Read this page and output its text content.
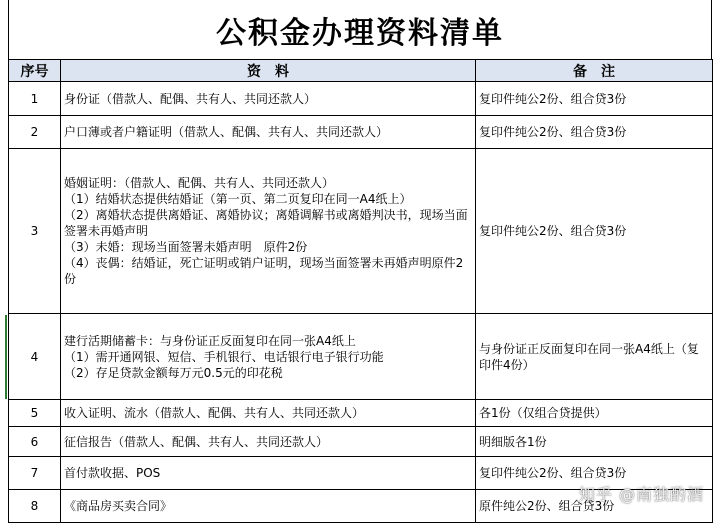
公积金办理资料清单
序号	资　料	备　注
1	身份证（借款人、配偶、共有人、共同还款人）	复印件纯公2份、组合贷3份
2	户口薄或者户籍证明（借款人、配偶、共有人、共同还款人）	复印件纯公2份、组合贷3份
3	婚姻证明：（借款人、配偶、共有人、共同还款人）
（1）结婚状态提供结婚证（第一页、第二页复印在同一A4纸上）
（2）离婚状态提供离婚证、离婚协议；离婚调解书或离婚判决书，现场当面签署未再婚声明
（3）未婚：现场当面签署未婚声明　原件2份
（4）丧偶：结婚证，死亡证明或销户证明，现场当面签署未再婚声明原件2份	复印件纯公2份、组合贷3份
4	建行活期储蓄卡：与身份证正反面复印在同一张A4纸上
（1）需开通网银、短信、手机银行、电话银行电子银行功能
（2）存足贷款金额每万元0.5元的印花税	与身份证正反面复印在同一张A4纸上（复印件4份）
5	收入证明、流水（借款人、配偶、共有人、共同还款人）	各1份（仅组合贷提供）
6	征信报告（借款人、配偶、共有人、共同还款人）	明细版各1份
7	首付款收据、POS	复印件纯公2份、组合贷3份
8	《商品房买卖合同》	原件纯公2份、组合贷3份
知乎 @南独酌酒
